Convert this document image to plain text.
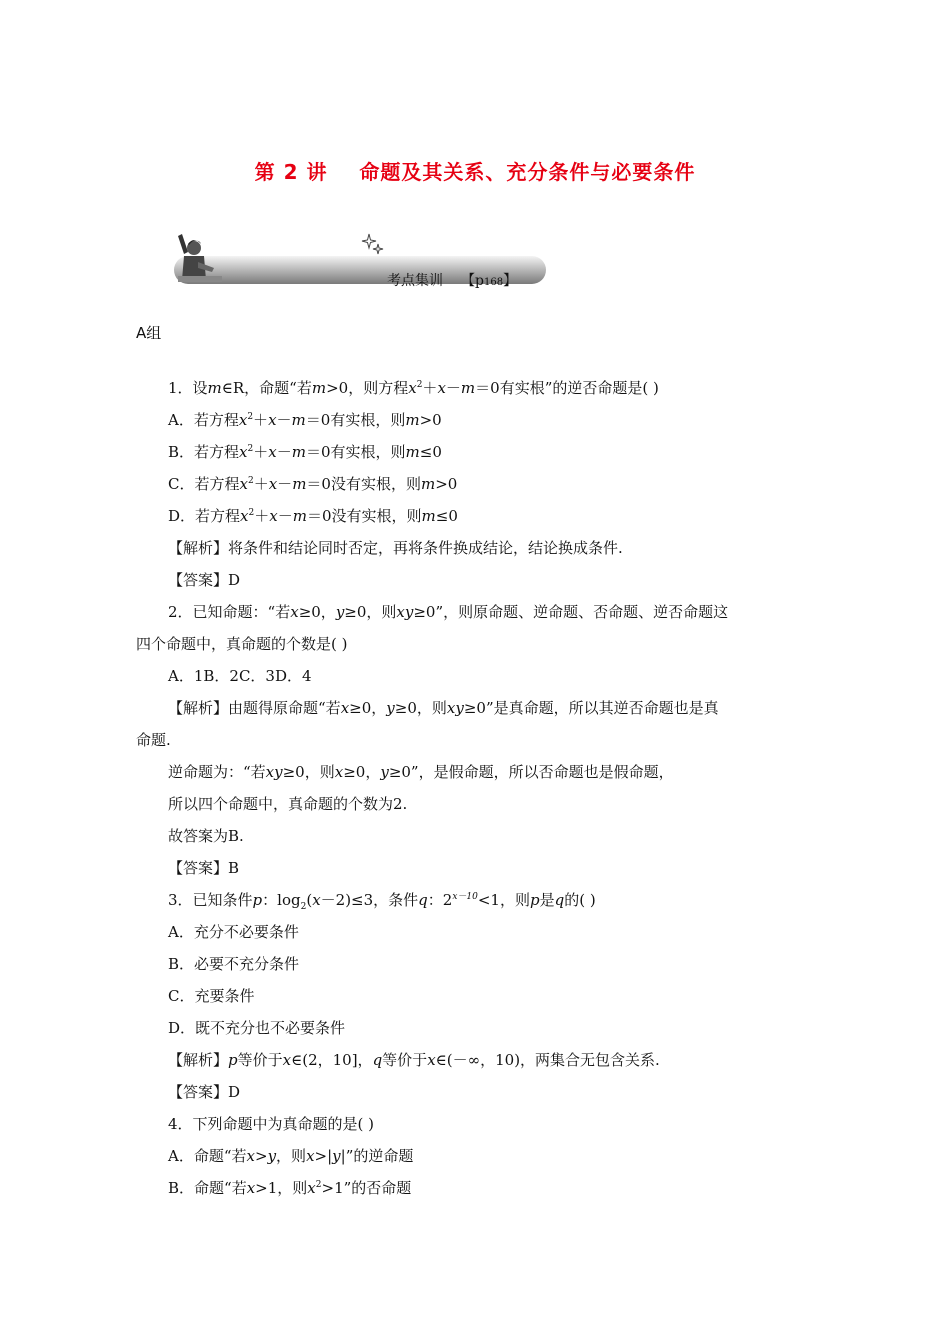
第 2 讲    命题及其关系、充分条件与必要条件
考点集训 【p168】
A组
1．设m∈R，命题“若m>0，则方程$x^2+x-m=0$有实根”的逆否命题是( )
A．若方程$x^2+x-m=0$有实根，则m>0
B．若方程$x^2+x-m=0$有实根，则m≤0
C．若方程$x^2+x-m=0$没有实根，则m>0
D．若方程$x^2+x-m=0$没有实根，则m≤0
【解析】将条件和结论同时否定，再将条件换成结论，结论换成条件.
【答案】D
2．已知命题：“若x≥0，y≥0，则xy≥0”，则原命题、逆命题、否命题、逆否命题这
四个命题中，真命题的个数是( )
A．1B．2C．3D．4
【解析】由题得原命题“若x≥0，y≥0，则xy≥0”是真命题，所以其逆否命题也是真
命题.
逆命题为：“若xy≥0，则x≥0，y≥0”，是假命题，所以否命题也是假命题，
所以四个命题中，真命题的个数为2.
故答案为B.
【答案】B
3．已知条件p：$\log_2(x-2)\le 3$，条件q：$2^{x-10}<1$，则p是q的( )
A．充分不必要条件
B．必要不充分条件
C．充要条件
D．既不充分也不必要条件
【解析】p等价于x∈(2，10]，q等价于x∈(－∞，10)，两集合无包含关系.
【答案】D
4．下列命题中为真命题的是( )
A．命题“若x>y，则x>|y|”的逆命题
B．命题“若x>1，则$x^2>1$”的否命题
